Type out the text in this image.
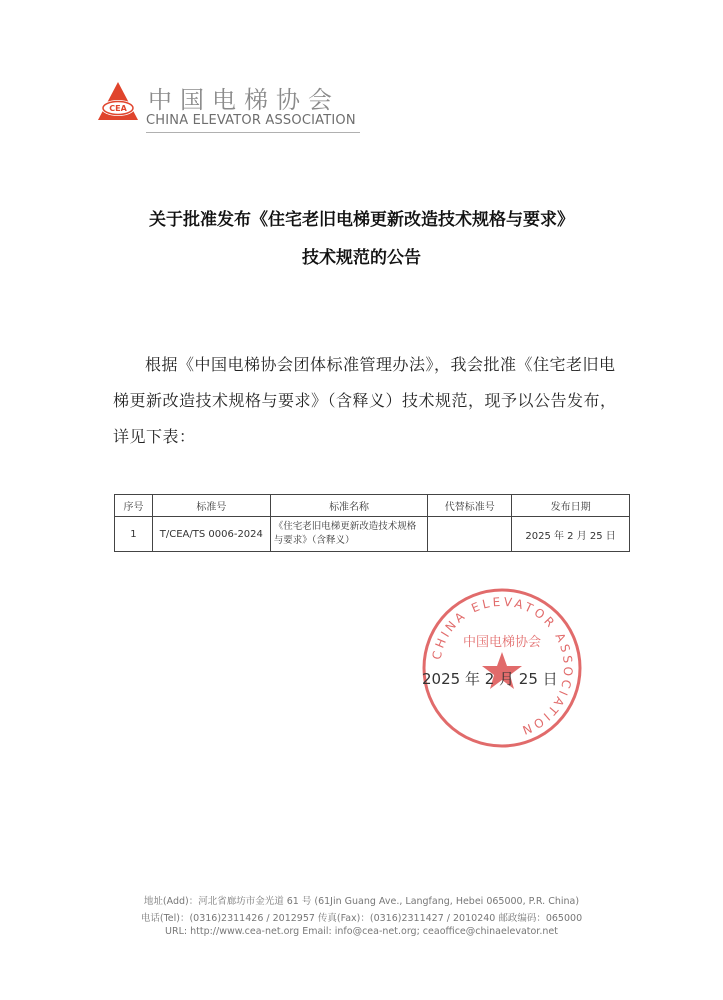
CEA 中国电梯协会
CHINA ELEVATOR ASSOCIATION
关于批准发布《住宅老旧电梯更新改造技术规格与要求》
技术规范的公告
根据《中国电梯协会团体标准管理办法》，我会批准《住宅老旧电梯更新改造技术规格与要求》（含释义）技术规范，现予以公告发布，详见下表：
序号	标准号	标准名称	代替标准号	发布日期
1	T/CEA/TS 0006-2024	《住宅老旧电梯更新改造技术规格与要求》（含释义）		2025 年 2 月 25 日
CHINA ELEVATOR ASSOCIATION
中国电梯协会
2025 年 2 月 25 日
地址(Add)：河北省廊坊市金光道 61 号 (61Jin Guang Ave., Langfang, Hebei 065000, P.R. China)
电话(Tel)：(0316)2311426 / 2012957 传真(Fax)：(0316)2311427 / 2010240 邮政编码：065000
URL: http://www.cea-net.org Email: info@cea-net.org; ceaoffice@chinaelevator.net
